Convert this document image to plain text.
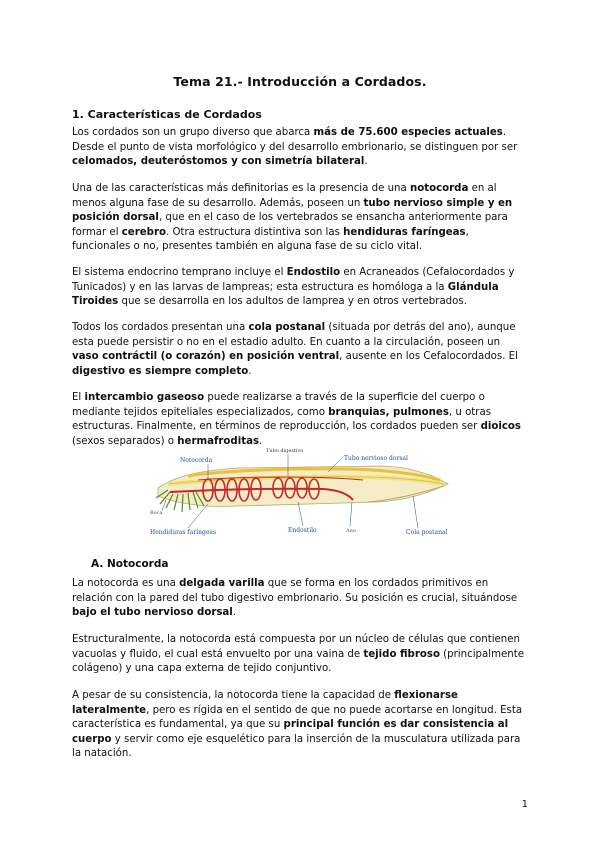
Tema 21.- Introducción a Cordados.
1. Características de Cordados

Los cordados son un grupo diverso que abarca más de 75.600 especies actuales. Desde el punto de vista morfológico y del desarrollo embrionario, se distinguen por ser celomados, deuteróstomos y con simetría bilateral.

Una de las características más definitorias es la presencia de una notocorda en al menos alguna fase de su desarrollo. Además, poseen un tubo nervioso simple y en posición dorsal, que en el caso de los vertebrados se ensancha anteriormente para formar el cerebro. Otra estructura distintiva son las hendiduras faríngeas, funcionales o no, presentes también en alguna fase de su ciclo vital.

El sistema endocrino temprano incluye el Endostilo en Acraneados (Cefalocordados y Tunicados) y en las larvas de lampreas; esta estructura es homóloga a la Glándula Tiroides que se desarrolla en los adultos de lamprea y en otros vertebrados.

Todos los cordados presentan una cola postanal (situada por detrás del ano), aunque esta puede persistir o no en el estadio adulto. En cuanto a la circulación, poseen un vaso contráctil (o corazón) en posición ventral, ausente en los Cefalocordados. El digestivo es siempre completo.

El intercambio gaseoso puede realizarse a través de la superficie del cuerpo o mediante tejidos epiteliales especializados, como branquias, pulmones, u otras estructuras. Finalmente, en términos de reproducción, los cordados pueden ser dioicos (sexos separados) o hermafroditas.

Notocorda
Tubo digestivo
Tubo nervioso dorsal
Boca
Hendiduras faríngeas	Endostilo	Ano	Cola postanal
A. Notocorda

La notocorda es una delgada varilla que se forma en los cordados primitivos en relación con la pared del tubo digestivo embrionario. Su posición es crucial, situándose bajo el tubo nervioso dorsal.

Estructuralmente, la notocorda está compuesta por un núcleo de células que contienen vacuolas y fluido, el cual está envuelto por una vaina de tejido fibroso (principalmente colágeno) y una capa externa de tejido conjuntivo.

A pesar de su consistencia, la notocorda tiene la capacidad de flexionarse lateralmente, pero es rígida en el sentido de que no puede acortarse en longitud. Esta característica es fundamental, ya que su principal función es dar consistencia al cuerpo y servir como eje esquelético para la inserción de la musculatura utilizada para la natación.

1
